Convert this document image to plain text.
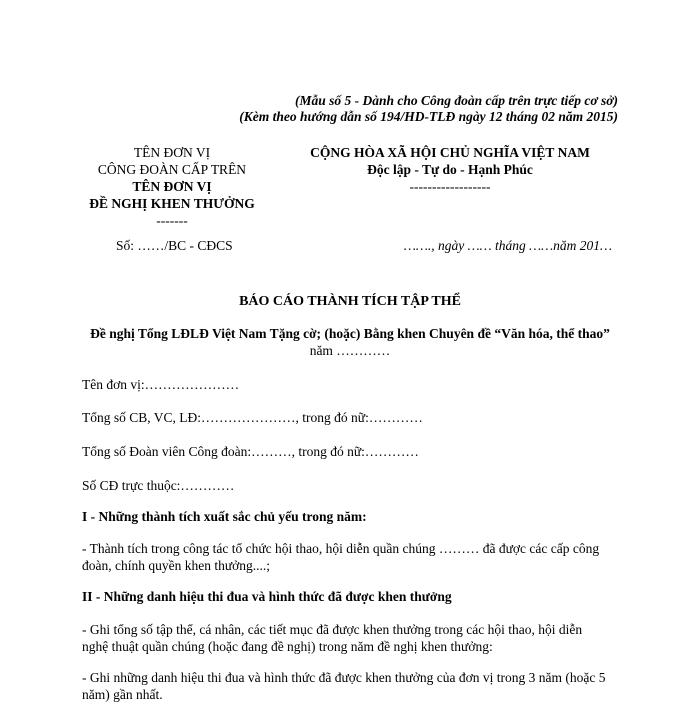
(Mẫu số 5 - Dành cho Công đoàn cấp trên trực tiếp cơ sở)
(Kèm theo hướng dẫn số 194/HD-TLĐ ngày 12 tháng 02 năm 2015)
TÊN ĐƠN VỊ
CÔNG ĐOÀN CẤP TRÊN
TÊN ĐƠN VỊ
ĐỀ NGHỊ KHEN THƯỞNG
-------
CỘNG HÒA XÃ HỘI CHỦ NGHĨA VIỆT NAM
Độc lập - Tự do - Hạnh Phúc
------------------
Số: ……/BC - CĐCS	……., ngày …… tháng ……năm 201…
BÁO CÁO THÀNH TÍCH TẬP THỂ
Đề nghị Tổng LĐLĐ Việt Nam Tặng cờ; (hoặc) Bằng khen Chuyên đề “Văn hóa, thể thao”
năm …………
Tên đơn vị:…………………
Tổng số CB, VC, LĐ:…………………, trong đó nữ:…………
Tổng số Đoàn viên Công đoàn:………, trong đó nữ:…………
Số CĐ trực thuộc:…………
I - Những thành tích xuất sắc chủ yếu trong năm:
- Thành tích trong công tác tổ chức hội thao, hội diễn quần chúng ……… đã được các cấp công
đoàn, chính quyền khen thưởng....;
II - Những danh hiệu thi đua và hình thức đã được khen thưởng
- Ghi tổng số tập thể, cá nhân, các tiết mục đã được khen thưởng trong các hội thao, hội diễn
nghệ thuật quần chúng (hoặc đang đề nghị) trong năm đề nghị khen thưởng:
- Ghi những danh hiệu thi đua và hình thức đã được khen thưởng của đơn vị trong 3 năm (hoặc 5
năm) gần nhất.
